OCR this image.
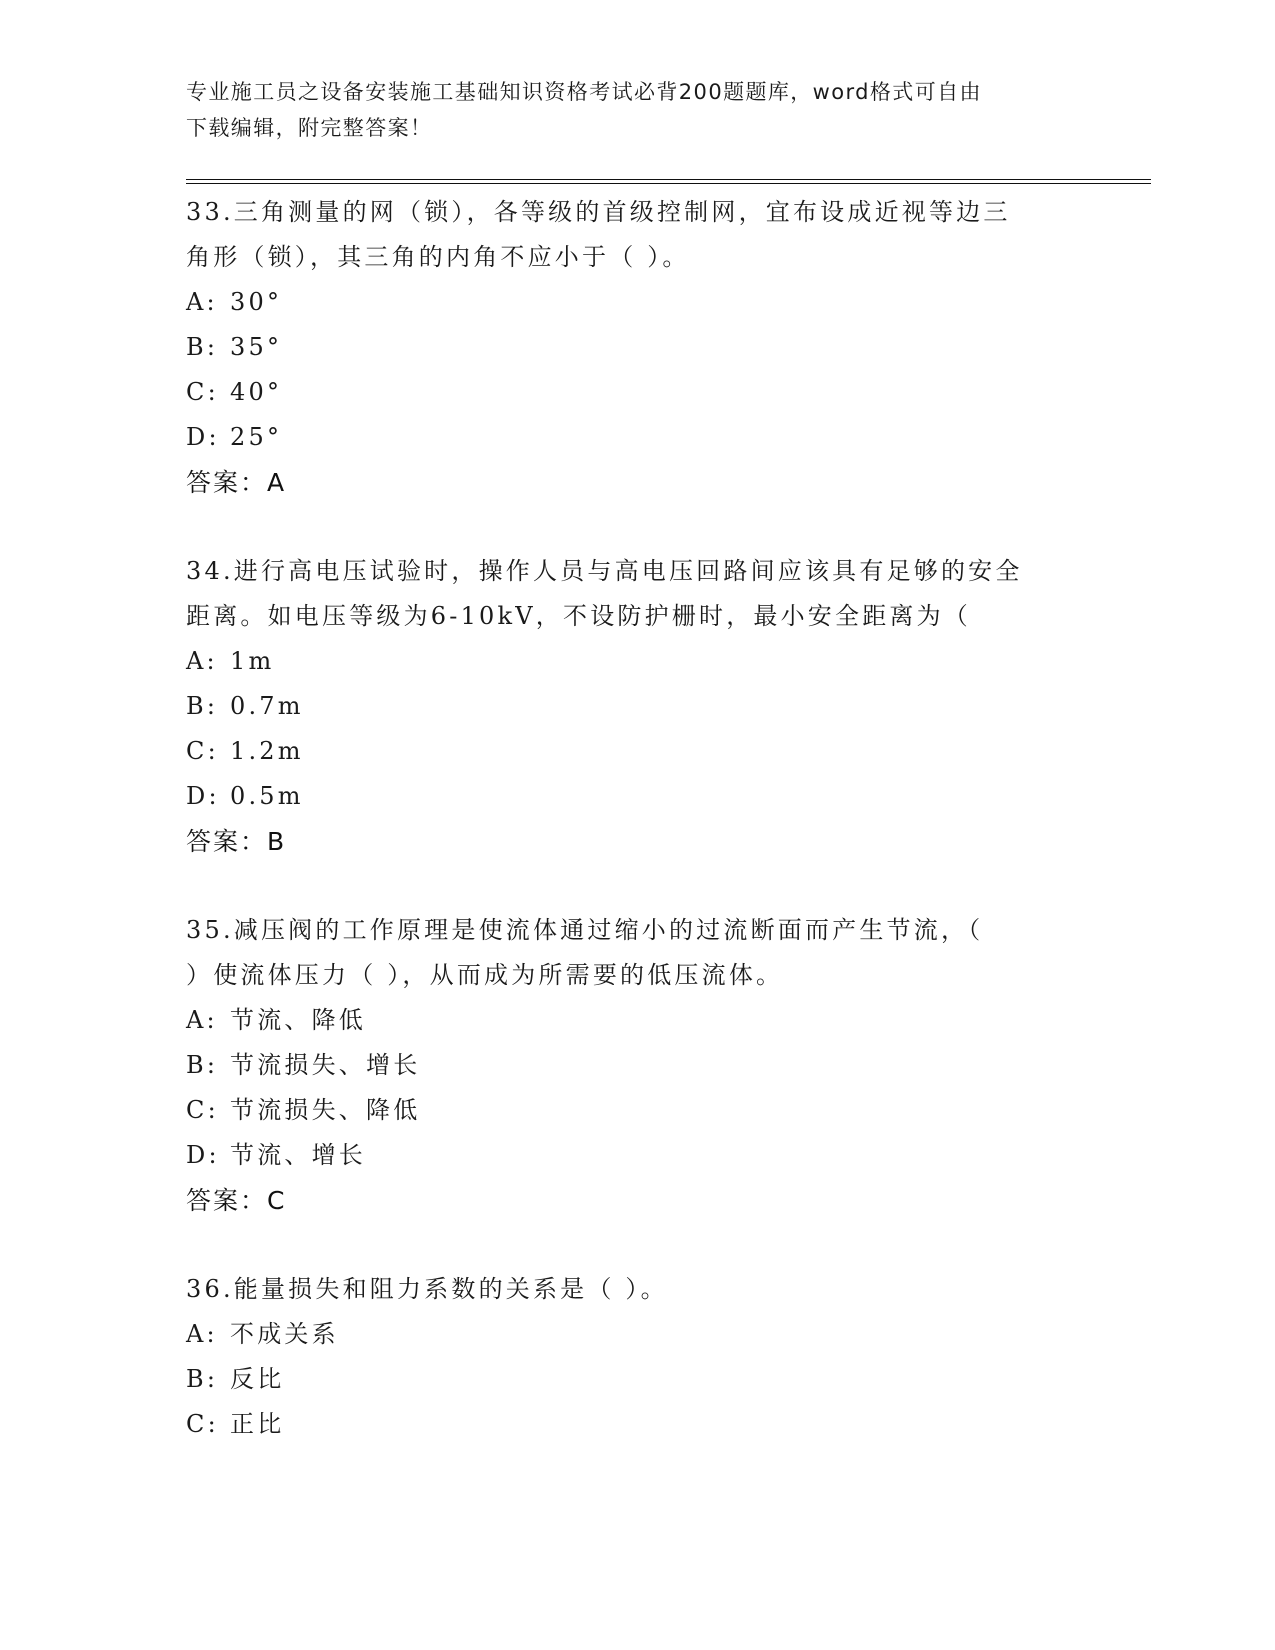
专业施工员之设备安装施工基础知识资格考试必背200题题库，word格式可自由
下载编辑，附完整答案！

33.三角测量的网（锁），各等级的首级控制网，宜布设成近视等边三

角形（锁），其三角的内角不应小于（ ）。

A: 30°
B: 35°
C: 40°
D: 25°
答案：A

34.进行高电压试验时，操作人员与高电压回路间应该具有足够的安全

距离。如电压等级为6-10kV，不设防护栅时，最小安全距离为（

A: 1m
B: 0.7m
C: 1.2m
D: 0.5m
答案：B

35.减压阀的工作原理是使流体通过缩小的过流断面而产生节流，（

）使流体压力（ ），从而成为所需要的低压流体。

A: 节流、降低
B: 节流损失、增长
C: 节流损失、降低
D: 节流、增长
答案：C

36.能量损失和阻力系数的关系是（ ）。

A: 不成关系
B: 反比
C: 正比
